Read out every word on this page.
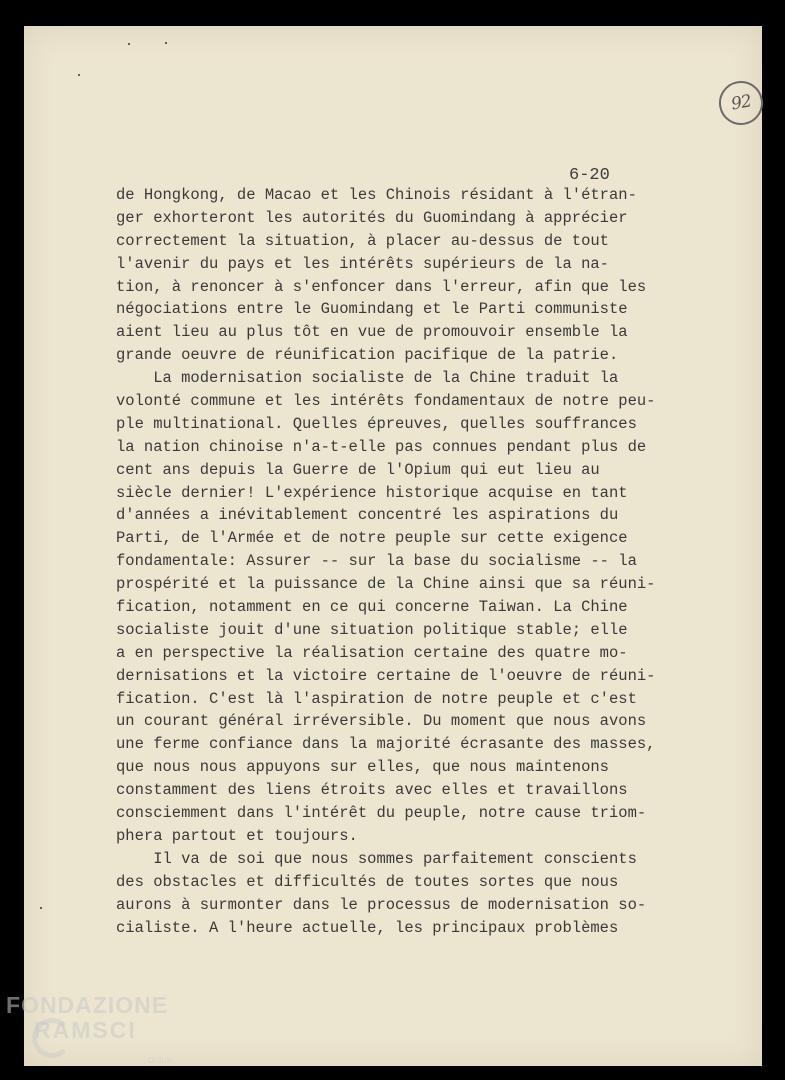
92
6-20
de Hongkong, de Macao et les Chinois résidant à l'étran-
ger exhorteront les autorités du Guomindang à apprécier
correctement la situation, à placer au-dessus de tout
l'avenir du pays et les intérêts supérieurs de la na-
tion, à renoncer à s'enfoncer dans l'erreur, afin que les
négociations entre le Guomindang et le Parti communiste
aient lieu au plus tôt en vue de promouvoir ensemble la
grande oeuvre de réunification pacifique de la patrie.
La modernisation socialiste de la Chine traduit la
volonté commune et les intérêts fondamentaux de notre peu-
ple multinational. Quelles épreuves, quelles souffrances
la nation chinoise n'a-t-elle pas connues pendant plus de
cent ans depuis la Guerre de l'Opium qui eut lieu au
siècle dernier! L'expérience historique acquise en tant
d'années a inévitablement concentré les aspirations du
Parti, de l'Armée et de notre peuple sur cette exigence
fondamentale: Assurer -- sur la base du socialisme -- la
prospérité et la puissance de la Chine ainsi que sa réuni-
fication, notamment en ce qui concerne Taiwan. La Chine
socialiste jouit d'une situation politique stable; elle
a en perspective la réalisation certaine des quatre mo-
dernisations et la victoire certaine de l'oeuvre de réuni-
fication. C'est là l'aspiration de notre peuple et c'est
un courant général irréversible. Du moment que nous avons
une ferme confiance dans la majorité écrasante des masses,
que nous nous appuyons sur elles, que nous maintenons
constamment des liens étroits avec elles et travaillons
consciemment dans l'intérêt du peuple, notre cause triom-
phera partout et toujours.
Il va de soi que nous sommes parfaitement conscients
des obstacles et difficultés de toutes sortes que nous
aurons à surmonter dans le processus de modernisation so-
cialiste. A l'heure actuelle, les principaux problèmes
FONDAZIONE
RAMSCI
onlus
